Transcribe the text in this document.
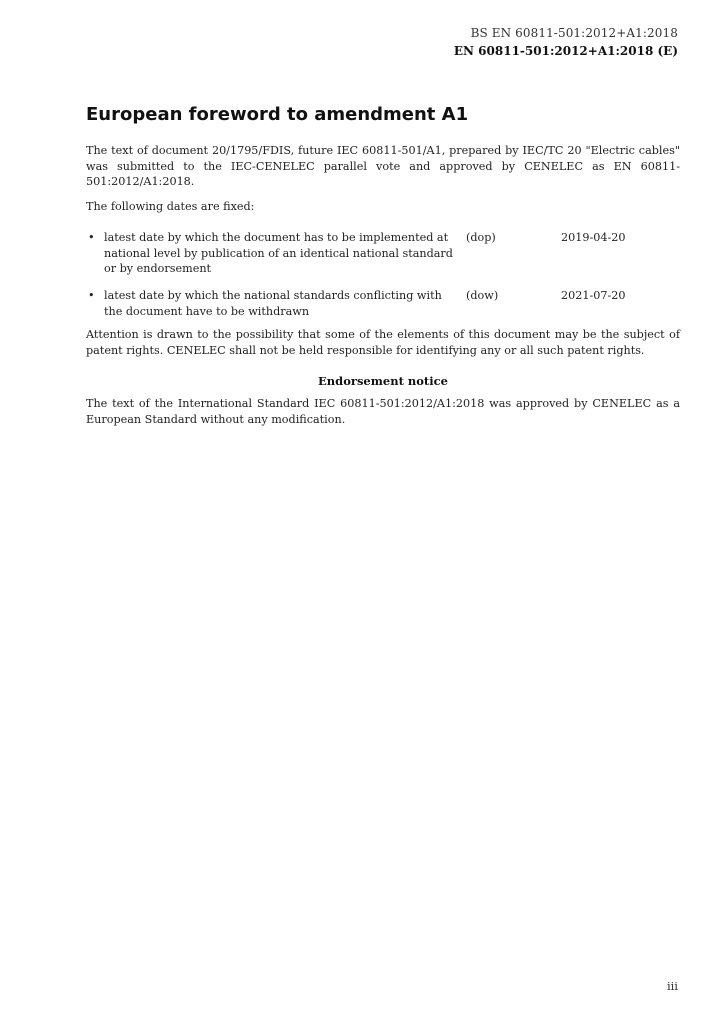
BS EN 60811-501:2012+A1:2018
EN 60811-501:2012+A1:2018 (E)
European foreword to amendment A1

The text of document 20/1795/FDIS, future IEC 60811-501/A1, prepared by IEC/TC 20 "Electric cables" was submitted to the IEC-CENELEC parallel vote and approved by CENELEC as EN 60811-501:2012/A1:2018.

The following dates are fixed:

• latest date by which the document has to be implemented at national level by publication of an identical national standard or by endorsement
(dop)	2019-04-20
• latest date by which the national standards conflicting with the document have to be withdrawn
(dow)	2021-07-20

Attention is drawn to the possibility that some of the elements of this document may be the subject of patent rights. CENELEC shall not be held responsible for identifying any or all such patent rights.

Endorsement notice

The text of the International Standard IEC 60811-501:2012/A1:2018 was approved by CENELEC as a European Standard without any modification.

iii
